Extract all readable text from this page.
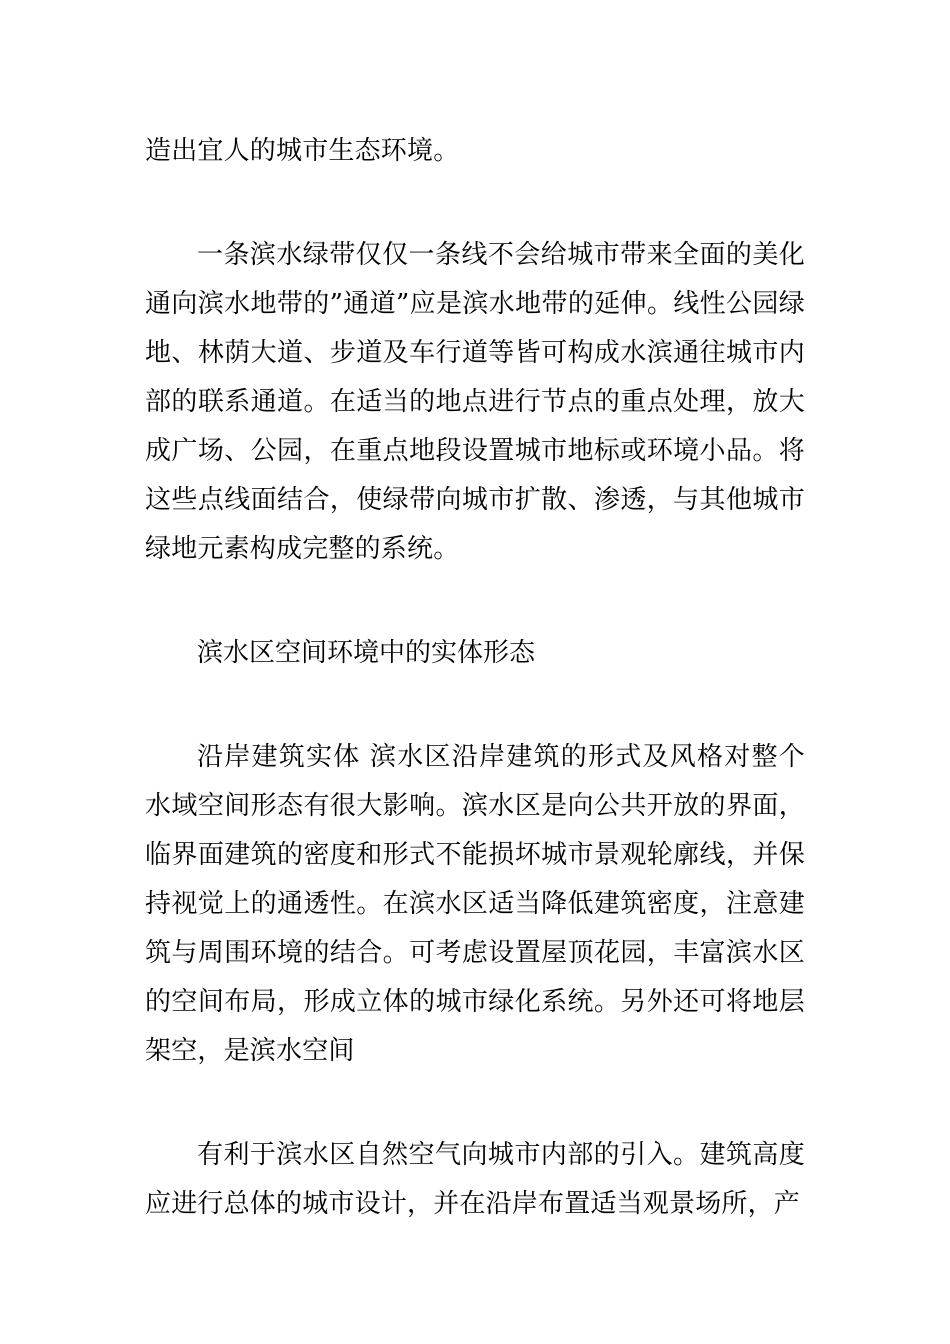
造出宜人的城市生态环境。

一条滨水绿带仅仅一条线不会给城市带来全面的美化通向滨水地带的”通道”应是滨水地带的延伸。线性公园绿地、林荫大道、步道及车行道等皆可构成水滨通往城市内部的联系通道。在适当的地点进行节点的重点处理，放大成广场、公园，在重点地段设置城市地标或环境小品。将这些点线面结合，使绿带向城市扩散、渗透，与其他城市绿地元素构成完整的系统。

滨水区空间环境中的实体形态

沿岸建筑实体 滨水区沿岸建筑的形式及风格对整个水域空间形态有很大影响。滨水区是向公共开放的界面，临界面建筑的密度和形式不能损坏城市景观轮廓线，并保持视觉上的通透性。在滨水区适当降低建筑密度，注意建筑与周围环境的结合。可考虑设置屋顶花园，丰富滨水区的空间布局，形成立体的城市绿化系统。另外还可将地层架空，是滨水空间

有利于滨水区自然空气向城市内部的引入。建筑高度应进行总体的城市设计，并在沿岸布置适当观景场所，产
